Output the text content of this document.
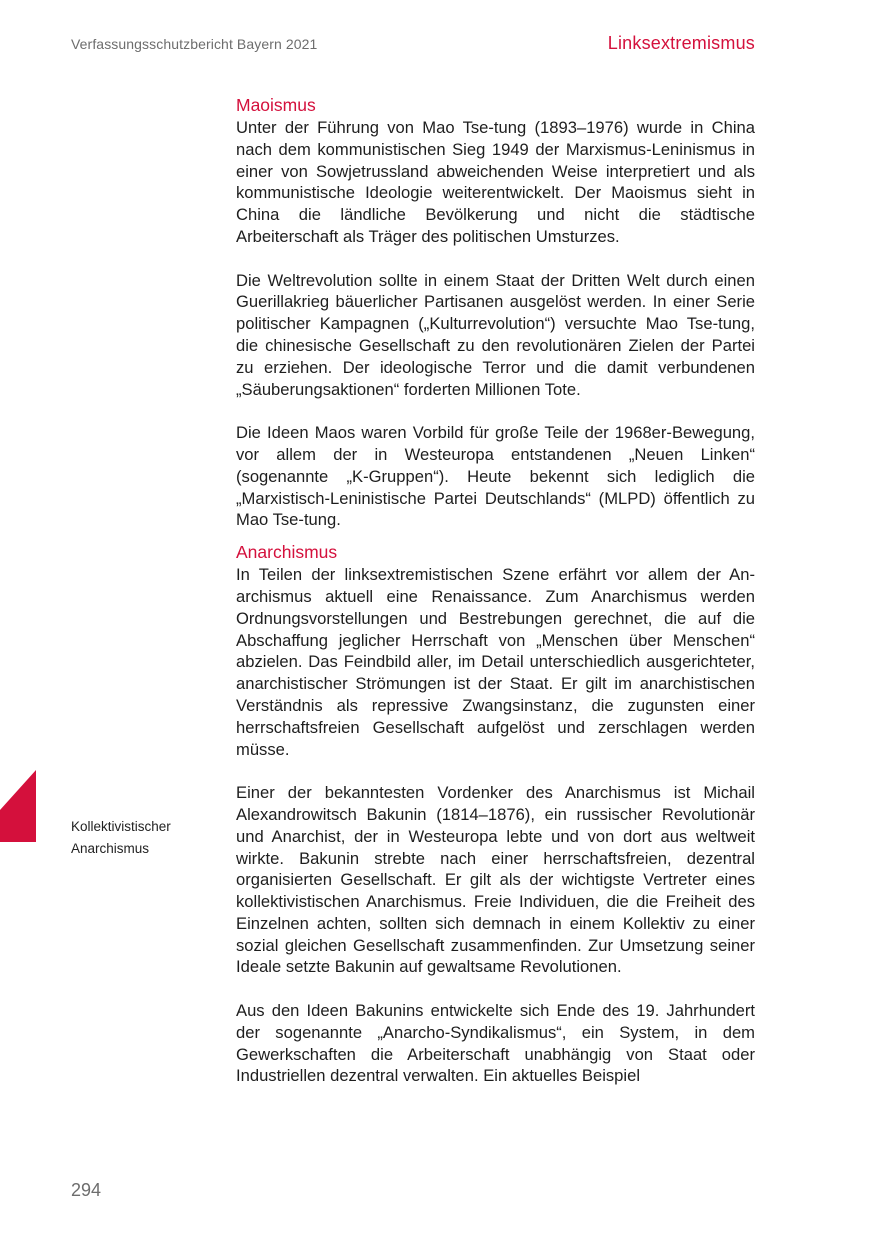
Verfassungsschutzbericht Bayern 2021	Linksextremismus
Kollektivistischer
Anarchismus
Maoismus

Unter der Führung von Mao Tse-tung (1893–1976) wurde in China nach dem kommunistischen Sieg 1949 der Marxismus-Leninismus in einer von Sowjetrussland abweichenden Weise interpretiert und als kommunistische Ideologie weiterentwickelt. Der Maoismus sieht in China die ländliche Bevölkerung und nicht die städtische Arbeiterschaft als Träger des politischen Umsturzes.

Die Weltrevolution sollte in einem Staat der Dritten Welt durch einen Guerillakrieg bäuerlicher Partisanen ausgelöst werden. In einer Serie politischer Kampagnen („Kulturrevolution“) versuchte Mao Tse-tung, die chinesische Gesellschaft zu den revolutionären Zielen der Partei zu erziehen. Der ideologische Terror und die damit verbundenen „Säuberungsaktionen“ forderten Millionen Tote.

Die Ideen Maos waren Vorbild für große Teile der 1968er-Bewegung, vor allem der in Westeuropa entstandenen „Neuen Linken“ (sogenannte „K-Gruppen“). Heute bekennt sich lediglich die „Marxistisch-Leninistische Partei Deutschlands“ (MLPD) öffentlich zu Mao Tse-tung.

Anarchismus

In Teilen der linksextremistischen Szene erfährt vor allem der Anarchismus aktuell eine Renaissance. Zum Anarchismus werden Ordnungsvorstellungen und Bestrebungen gerechnet, die auf die Abschaffung jeglicher Herrschaft von „Menschen über Menschen“ abzielen. Das Feindbild aller, im Detail unterschiedlich ausgerichteter, anarchistischer Strömungen ist der Staat. Er gilt im anarchistischen Verständnis als repressive Zwangsinstanz, die zugunsten einer herrschaftsfreien Gesellschaft aufgelöst und zerschlagen werden müsse.

Einer der bekanntesten Vordenker des Anarchismus ist Michail Alexandrowitsch Bakunin (1814–1876), ein russischer Revolutionär und Anarchist, der in Westeuropa lebte und von dort aus weltweit wirkte. Bakunin strebte nach einer herrschaftsfreien, dezentral organisierten Gesellschaft. Er gilt als der wichtigste Vertreter eines kollektivistischen Anarchismus. Freie Individuen, die die Freiheit des Einzelnen achten, sollten sich demnach in einem Kollektiv zu einer sozial gleichen Gesellschaft zusammenfinden. Zur Umsetzung seiner Ideale setzte Bakunin auf gewaltsame Revolutionen.

Aus den Ideen Bakunins entwickelte sich Ende des 19. Jahrhundert der sogenannte „Anarcho-Syndikalismus“, ein System, in dem Gewerkschaften die Arbeiterschaft unabhängig von Staat oder Industriellen dezentral verwalten. Ein aktuelles Beispiel

294
